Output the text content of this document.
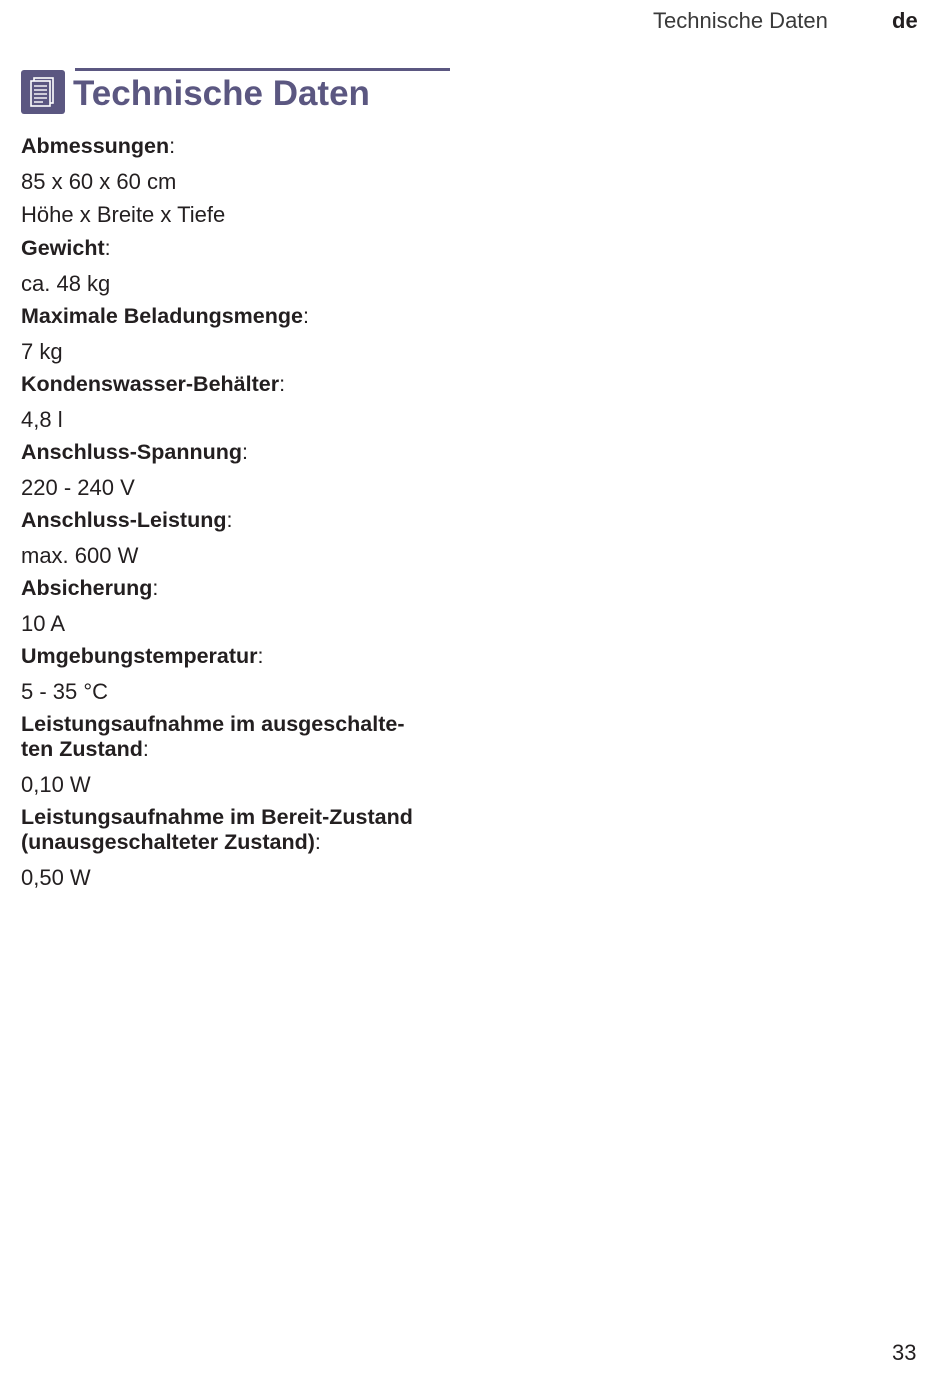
Technische Daten	de
Technische Daten
Abmessungen:
85 x 60 x 60 cm
Höhe x Breite x Tiefe
Gewicht:
ca. 48 kg
Maximale Beladungsmenge:
7 kg
Kondenswasser-Behälter:
4,8 l
Anschluss-Spannung:
220 - 240 V
Anschluss-Leistung:
max. 600 W
Absicherung:
10 A
Umgebungstemperatur:
5 - 35 °C
Leistungsaufnahme im ausgeschalte-
ten Zustand:
0,10 W
Leistungsaufnahme im Bereit-Zustand
(unausgeschalteter Zustand):
0,50 W
33
